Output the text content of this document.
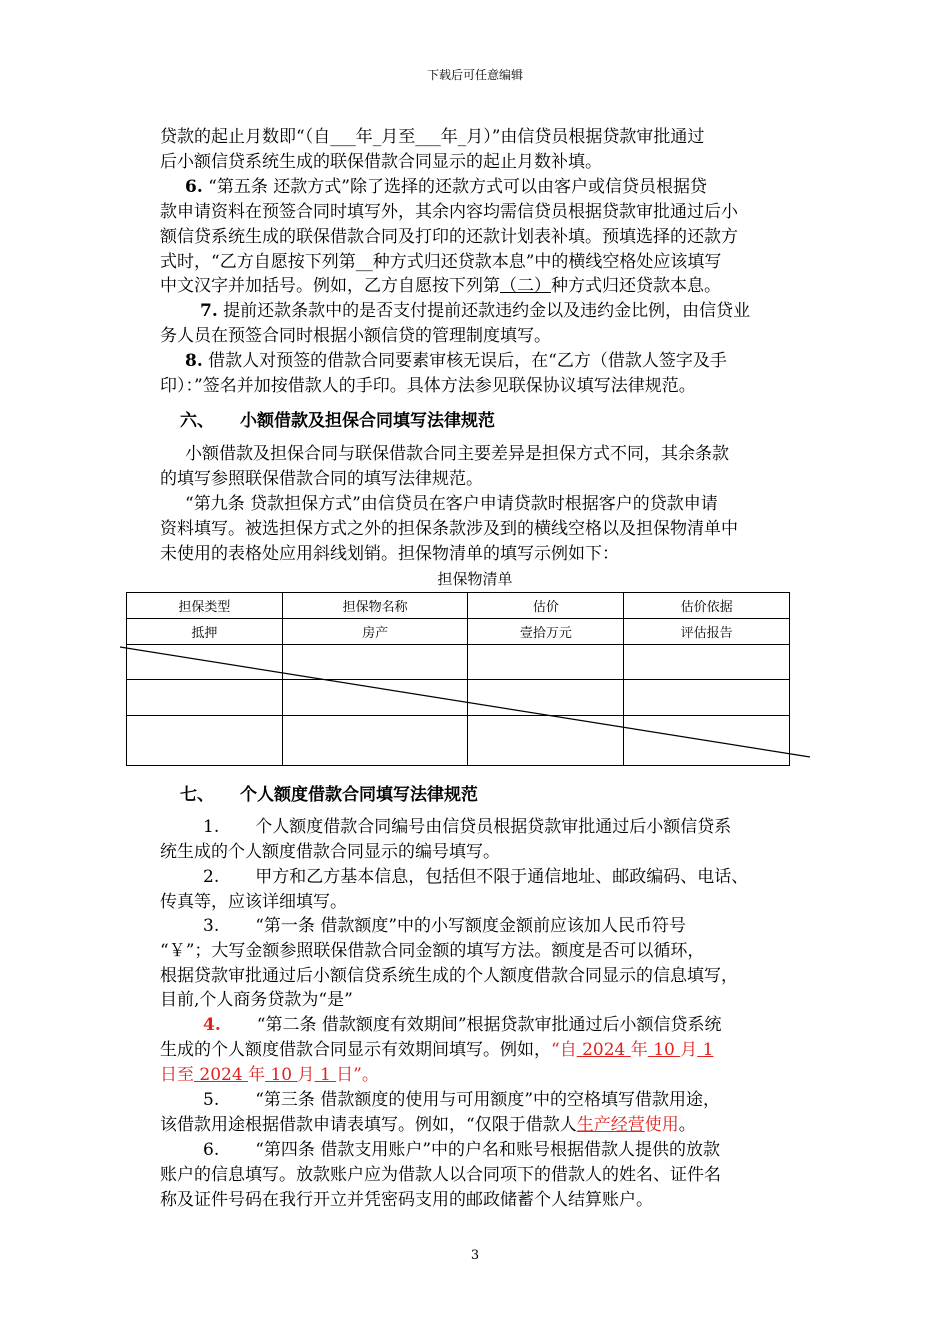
下载后可任意编辑
贷款的起止月数即“（自___年_月至___年_月）”由信贷员根据贷款审批通过
后小额信贷系统生成的联保借款合同显示的起止月数补填。
6. “第五条 还款方式”除了选择的还款方式可以由客户或信贷员根据贷
款申请资料在预签合同时填写外，其余内容均需信贷员根据贷款审批通过后小
额信贷系统生成的联保借款合同及打印的还款计划表补填。预填选择的还款方
式时，“乙方自愿按下列第__种方式归还贷款本息”中的横线空格处应该填写
中文汉字并加括号。例如，乙方自愿按下列第（二）种方式归还贷款本息。
7. 提前还款条款中的是否支付提前还款违约金以及违约金比例，由信贷业
务人员在预签合同时根据小额信贷的管理制度填写。
8. 借款人对预签的借款合同要素审核无误后，在“乙方（借款人签字及手
印）：”签名并加按借款人的手印。具体方法参见联保协议填写法律规范。
六、 小额借款及担保合同填写法律规范
小额借款及担保合同与联保借款合同主要差异是担保方式不同，其余条款
的填写参照联保借款合同的填写法律规范。
“第九条 贷款担保方式”由信贷员在客户申请贷款时根据客户的贷款申请
资料填写。被选担保方式之外的担保条款涉及到的横线空格以及担保物清单中
未使用的表格处应用斜线划销。担保物清单的填写示例如下：
担保物清单
担保类型	担保物名称	估价	估价依据
抵押	房产	壹拾万元	评估报告

七、 个人额度借款合同填写法律规范
1. 个人额度借款合同编号由信贷员根据贷款审批通过后小额信贷系
统生成的个人额度借款合同显示的编号填写。
2. 甲方和乙方基本信息，包括但不限于通信地址、邮政编码、电话、
传真等，应该详细填写。
3. “第一条 借款额度”中的小写额度金额前应该加人民币符号
“￥”；大写金额参照联保借款合同金额的填写方法。额度是否可以循环，
根据贷款审批通过后小额信贷系统生成的个人额度借款合同显示的信息填写，
目前,个人商务贷款为“是”
4. “第二条 借款额度有效期间”根据贷款审批通过后小额信贷系统
生成的个人额度借款合同显示有效期间填写。例如，“自 2024 年 10 月 1
日至 2024 年 10 月 1 日”。
5. “第三条 借款额度的使用与可用额度”中的空格填写借款用途，
该借款用途根据借款申请表填写。例如，“仅限于借款人生产经营使用。
6. “第四条 借款支用账户”中的户名和账号根据借款人提供的放款
账户的信息填写。放款账户应为借款人以合同项下的借款人的姓名、证件名
称及证件号码在我行开立并凭密码支用的邮政储蓄个人结算账户。
3
